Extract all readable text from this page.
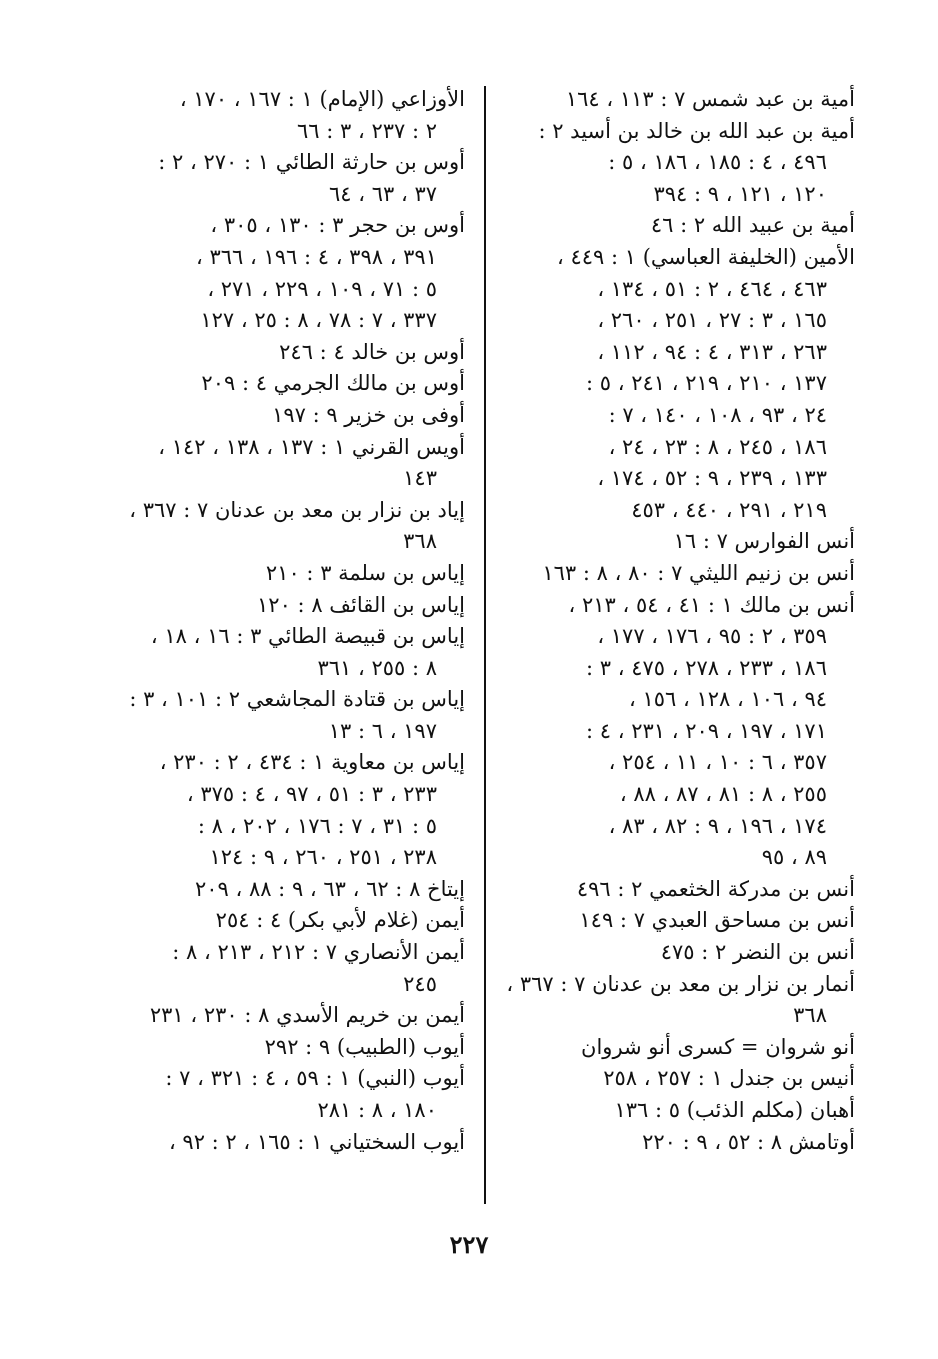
أمية بن عبد شمس ٧ : ١١٣ ، ١٦٤
أمية بن عبد الله بن خالد بن أسيد ٢ :
٤٩٦ ، ٤ : ١٨٥ ، ١٨٦ ، ٥ :
١٢٠ ، ١٢١ ، ٩ : ٣٩٤
أمية بن عبيد الله ٢ : ٤٦
الأمين (الخليفة العباسي) ١ : ٤٤٩ ،
٤٦٣ ، ٤٦٤ ، ٢ : ٥١ ، ١٣٤ ،
١٦٥ ، ٣ : ٢٧ ، ٢٥١ ، ٢٦٠ ،
٢٦٣ ، ٣١٣ ، ٤ : ٩٤ ، ١١٢ ،
١٣٧ ، ٢١٠ ، ٢١٩ ، ٢٤١ ، ٥ :
٢٤ ، ٩٣ ، ١٠٨ ، ١٤٠ ، ٧ :
١٨٦ ، ٢٤٥ ، ٨ : ٢٣ ، ٢٤ ،
١٣٣ ، ٢٣٩ ، ٩ : ٥٢ ، ١٧٤ ،
٢١٩ ، ٢٩١ ، ٤٤٠ ، ٤٥٣
أنس الفوارس ٧ : ١٦
أنس بن زنيم الليثي ٧ : ٨٠ ، ٨ : ١٦٣
أنس بن مالك ١ : ٤١ ، ٥٤ ، ٢١٣ ،
٣٥٩ ، ٢ : ٩٥ ، ١٧٦ ، ١٧٧ ،
١٨٦ ، ٢٣٣ ، ٢٧٨ ، ٤٧٥ ، ٣ :
٩٤ ، ١٠٦ ، ١٢٨ ، ١٥٦ ،
١٧١ ، ١٩٧ ، ٢٠٩ ، ٢٣١ ، ٤ :
٣٥٧ ، ٦ : ١٠ ، ١١ ، ٢٥٤ ،
٢٥٥ ، ٨ : ٨١ ، ٨٧ ، ٨٨ ،
١٧٤ ، ١٩٦ ، ٩ : ٨٢ ، ٨٣ ،
٨٩ ، ٩٥
أنس بن مدركة الخثعمي ٢ : ٤٩٦
أنس بن مساحق العبدي ٧ : ١٤٩
أنس بن النضر ٢ : ٤٧٥
أنمار بن نزار بن معد بن عدنان ٧ : ٣٦٧ ،
٣٦٨
أنو شروان = كسرى أنو شروان
أنيس بن جندل ١ : ٢٥٧ ، ٢٥٨
أهبان (مكلم الذئب) ٥ : ١٣٦
أوتامش ٨ : ٥٢ ، ٩ : ٢٢٠
الأوزاعي (الإمام) ١ : ١٦٧ ، ١٧٠ ،
٢ : ٢٣٧ ، ٣ : ٦٦
أوس بن حارثة الطائي ١ : ٢٧٠ ، ٢ :
٣٧ ، ٦٣ ، ٦٤
أوس بن حجر ٣ : ١٣٠ ، ٣٠٥ ،
٣٩١ ، ٣٩٨ ، ٤ : ١٩٦ ، ٣٦٦ ،
٥ : ٧١ ، ١٠٩ ، ٢٢٩ ، ٢٧١ ،
٣٣٧ ، ٧ : ٧٨ ، ٨ : ٢٥ ، ١٢٧
أوس بن خالد ٤ : ٢٤٦
أوس بن مالك الجرمي ٤ : ٢٠٩
أوفى بن خزير ٩ : ١٩٧
أويس القرني ١ : ١٣٧ ، ١٣٨ ، ١٤٢ ،
١٤٣
إياد بن نزار بن معد بن عدنان ٧ : ٣٦٧ ،
٣٦٨
إياس بن سلمة ٣ : ٢١٠
إياس بن القائف ٨ : ١٢٠
إياس بن قبيصة الطائي ٣ : ١٦ ، ١٨ ،
٨ : ٢٥٥ ، ٣٦١
إياس بن قتادة المجاشعي ٢ : ١٠١ ، ٣ :
١٩٧ ، ٦ : ١٣
إياس بن معاوية ١ : ٤٣٤ ، ٢ : ٢٣٠ ،
٢٣٣ ، ٣ : ٥١ ، ٩٧ ، ٤ : ٣٧٥ ،
٥ : ٣١ ، ٧ : ١٧٦ ، ٢٠٢ ، ٨ :
٢٣٨ ، ٢٥١ ، ٢٦٠ ، ٩ : ١٢٤
إيتاخ ٨ : ٦٢ ، ٦٣ ، ٩ : ٨٨ ، ٢٠٩
أيمن (غلام لأبي بكر) ٤ : ٢٥٤
أيمن الأنصاري ٧ : ٢١٢ ، ٢١٣ ، ٨ :
٢٤٥
أيمن بن خريم الأسدي ٨ : ٢٣٠ ، ٢٣١
أيوب (الطبيب) ٩ : ٢٩٢
أيوب (النبي) ١ : ٥٩ ، ٤ : ٣٢١ ، ٧ :
١٨٠ ، ٨ : ٢٨١
أيوب السختياني ١ : ١٦٥ ، ٢ : ٩٢ ،
٢٢٧
